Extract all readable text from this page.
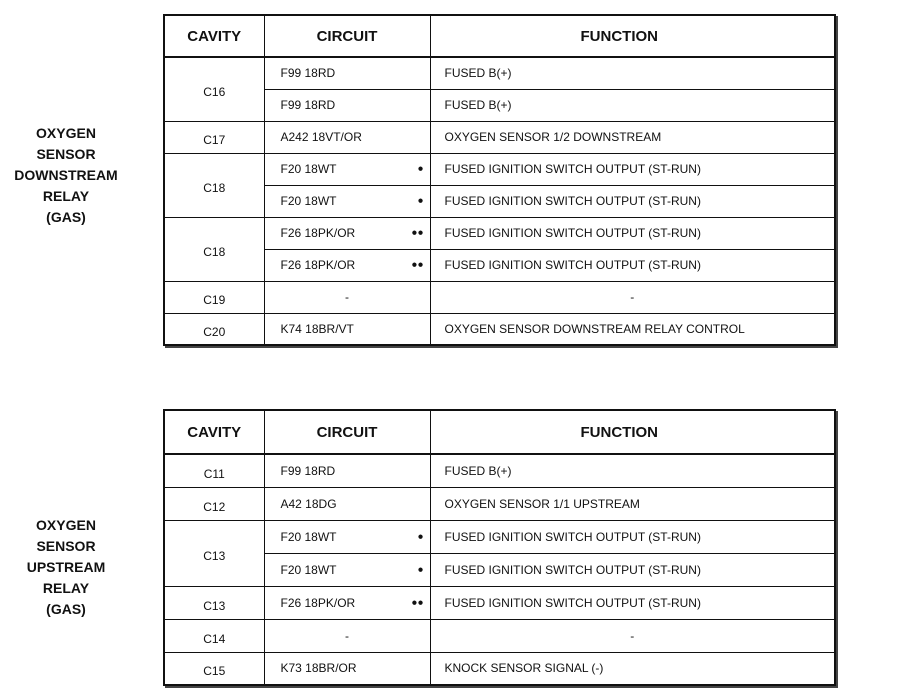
OXYGEN
SENSOR
DOWNSTREAM
RELAY
(GAS)
CAVITY	CIRCUIT	FUNCTION
C16	F99 18RD	FUSED B(+)
	F99 18RD	FUSED B(+)
C17	A242 18VT/OR	OXYGEN SENSOR 1/2 DOWNSTREAM
C18	F20 18WT ●	FUSED IGNITION SWITCH OUTPUT (ST-RUN)
	F20 18WT ●	FUSED IGNITION SWITCH OUTPUT (ST-RUN)
C18	F26 18PK/OR ●●	FUSED IGNITION SWITCH OUTPUT (ST-RUN)
	F26 18PK/OR ●●	FUSED IGNITION SWITCH OUTPUT (ST-RUN)
C19	-	-
C20	K74 18BR/VT	OXYGEN SENSOR DOWNSTREAM RELAY CONTROL
OXYGEN
SENSOR
UPSTREAM
RELAY
(GAS)
CAVITY	CIRCUIT	FUNCTION
C11	F99 18RD	FUSED B(+)
C12	A42 18DG	OXYGEN SENSOR 1/1 UPSTREAM
C13	F20 18WT ●	FUSED IGNITION SWITCH OUTPUT (ST-RUN)
	F20 18WT ●	FUSED IGNITION SWITCH OUTPUT (ST-RUN)
C13	F26 18PK/OR ●●	FUSED IGNITION SWITCH OUTPUT (ST-RUN)
C14	-	-
C15	K73 18BR/OR	KNOCK SENSOR SIGNAL (-)
